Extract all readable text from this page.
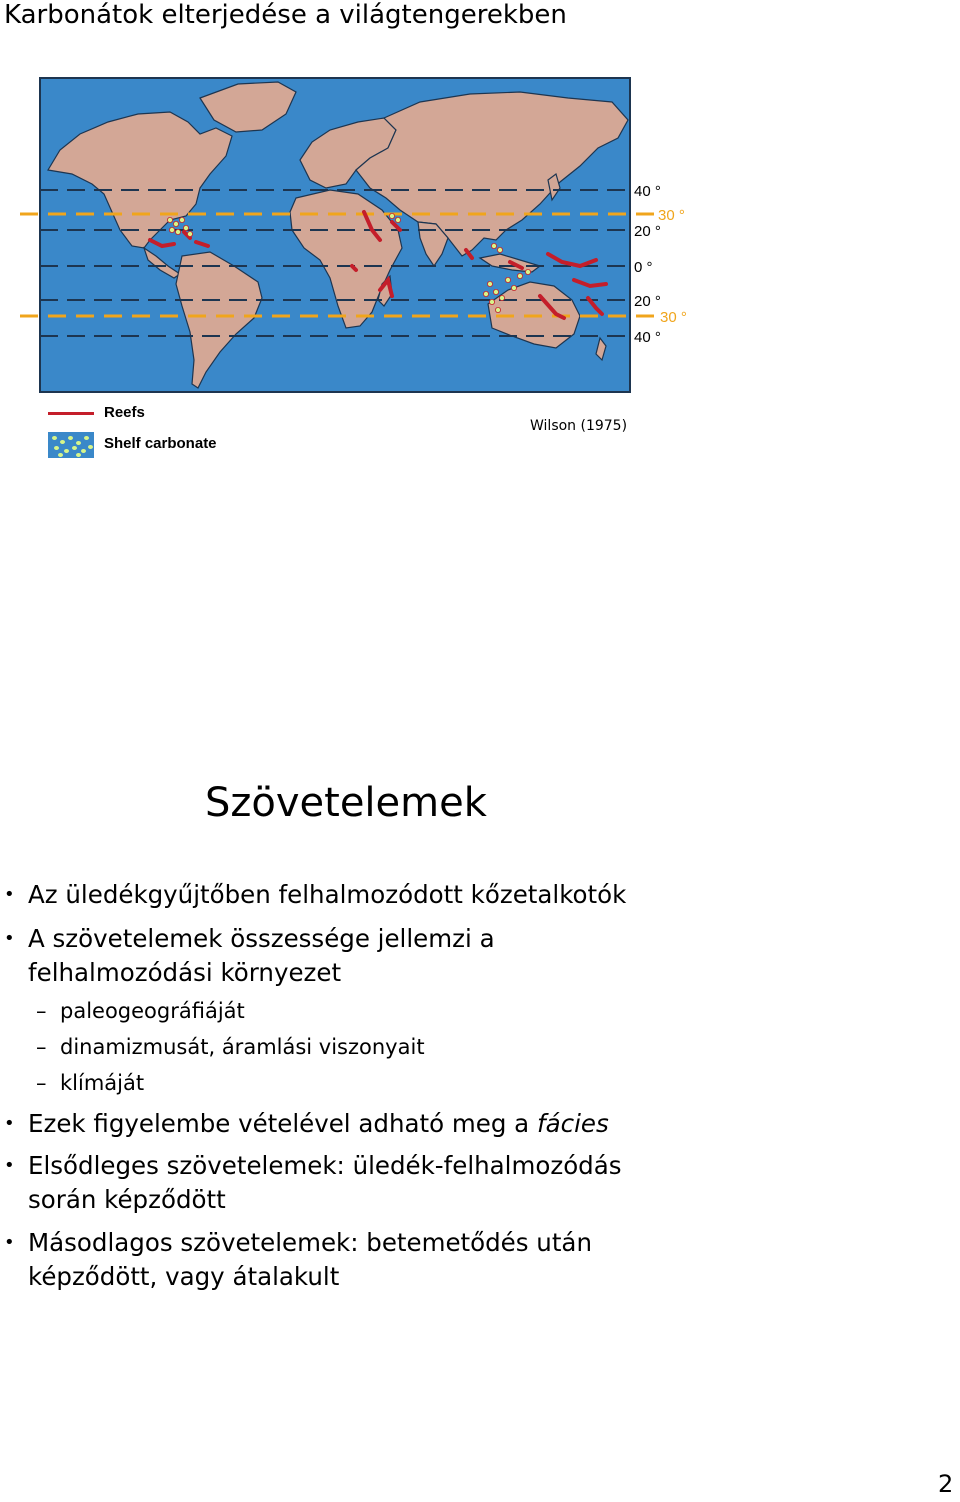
Karbonátok elterjedése a világtengerekben
40 °
20 °
0 °
20 °
40 °
30 °
30 °
Reefs
Shelf carbonate
Wilson (1975)
Szövetelemek
• Az üledékgyűjtőben felhalmozódott kőzetalkotók
• A szövetelemek összessége jellemzi a
felhalmozódási környezet
– paleogeográfiáját
– dinamizmusát, áramlási viszonyait
– klímáját
• Ezek figyelembe vételével adható meg a fácies
• Elsődleges szövetelemek: üledék-felhalmozódás
során képződött
• Másodlagos szövetelemek: betemetődés után
képződött, vagy átalakult
2
